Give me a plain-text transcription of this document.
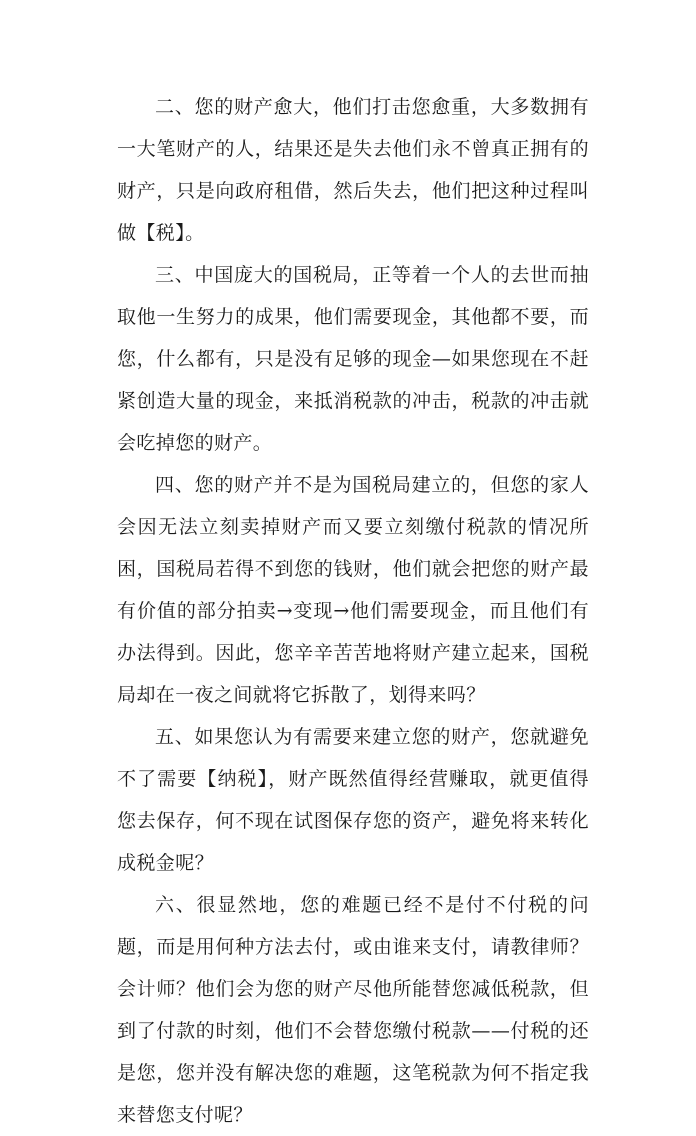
二、您的财产愈大，他们打击您愈重，大多数拥有一大笔财产的人，结果还是失去他们永不曾真正拥有的财产，只是向政府租借，然后失去，他们把这种过程叫做【税】。

三、中国庞大的国税局，正等着一个人的去世而抽取他一生努力的成果，他们需要现金，其他都不要，而您，什么都有，只是没有足够的现金—如果您现在不赶紧创造大量的现金，来抵消税款的冲击，税款的冲击就会吃掉您的财产。

四、您的财产并不是为国税局建立的，但您的家人会因无法立刻卖掉财产而又要立刻缴付税款的情况所困，国税局若得不到您的钱财，他们就会把您的财产最有价值的部分拍卖→变现→他们需要现金，而且他们有办法得到。因此，您辛辛苦苦地将财产建立起来，国税局却在一夜之间就将它拆散了，划得来吗？

五、如果您认为有需要来建立您的财产，您就避免不了需要【纳税】，财产既然值得经营赚取，就更值得您去保存，何不现在试图保存您的资产，避免将来转化成税金呢？

六、很显然地，您的难题已经不是付不付税的问题，而是用何种方法去付，或由谁来支付，请教律师？会计师？他们会为您的财产尽他所能替您减低税款，但到了付款的时刻，他们不会替您缴付税款——付税的还是您，您并没有解决您的难题，这笔税款为何不指定我来替您支付呢？
